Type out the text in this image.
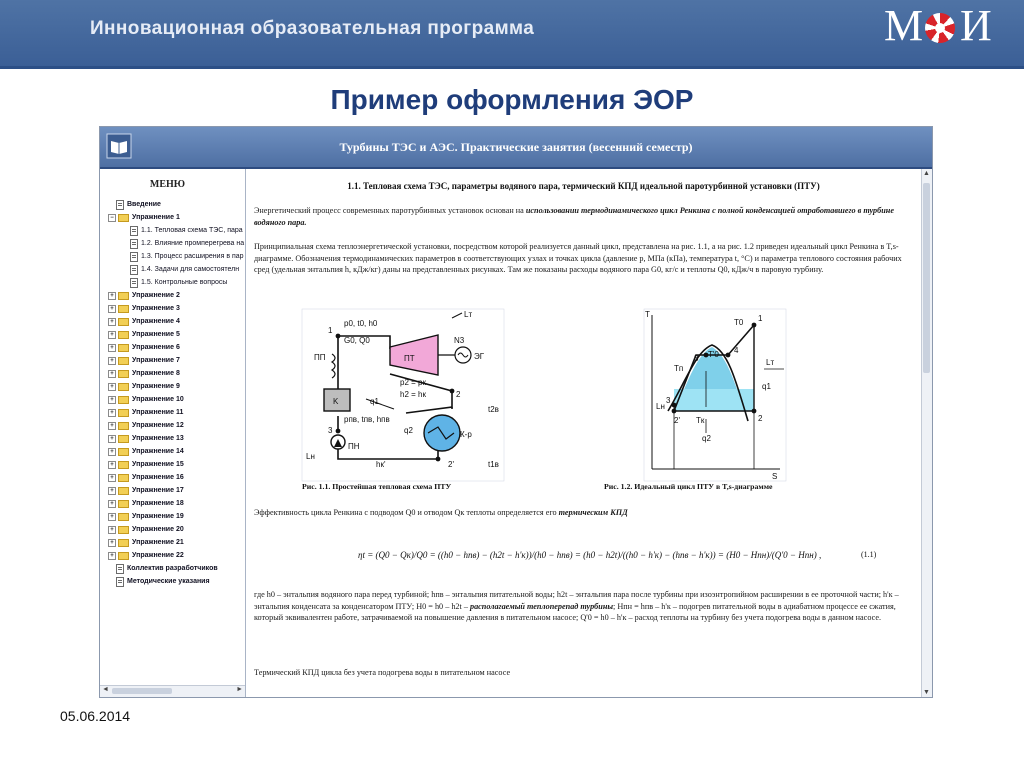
Инновационная образовательная программа	М И
Пример оформления ЭОР
Турбины ТЭС и АЭС. Практические занятия (весенний семестр)
МЕНЮ
Введение
−	Упражнение 1
1.1. Тепловая схема ТЭС, пара
1.2. Влияние промперегрева на
1.3. Процесс расширения в пар
1.4. Задачи для самостоятелн
1.5. Контрольные вопросы
+	Упражнение 2
+	Упражнение 3
+	Упражнение 4
+	Упражнение 5
+	Упражнение 6
+	Упражнение 7
+	Упражнение 8
+	Упражнение 9
+	Упражнение 10
+	Упражнение 11
+	Упражнение 12
+	Упражнение 13
+	Упражнение 14
+	Упражнение 15
+	Упражнение 16
+	Упражнение 17
+	Упражнение 18
+	Упражнение 19
+	Упражнение 20
+	Упражнение 21
+	Упражнение 22
Коллектив разработчиков
Методические указания
◄	►
1.1. Тепловая схема ТЭС, параметры водяного пара, термический КПД идеальной паротурбинной установки (ПТУ)
Энергетический процесс современных паротурбинных установок основан на использовании термодинамического цикл Ренкина с полной конденсацией отработавшего в турбине водяного пара.
Принципиальная схема теплоэнергетической установки, посредством которой реализуется данный цикл, представлена на рис. 1.1, а на рис. 1.2 приведен идеальный цикл Ренкина в T,s-диаграмме. Обозначения термодинамических параметров в соответствующих узлах и точках цикла (давление p, МПа (кПа), температура t, °С) и параметра теплового состояния рабочих сред (удельная энтальпия h, кДж/кг) даны на представленных рисунках. Там же показаны расходы водяного пара G0, кг/с и теплоты Q0, кДж/ч в паровую турбину.
1
p0, t0, h0
G0, Q0
ПП	ПТ
Lт
N3
ЭГ
p2 = pк
h2 = hк	2
K	q1
pпв, tпв, hпв
3	q2	К-р
t2в
ПН
Lн
hк'	2'	t1в
Рис. 1.1. Простейшая тепловая схема ПТУ
T
S
T0 1
4
3' T'0
Tп
Lт
3
Lн
Tк
2'	2
q2
q1
Рис. 1.2. Идеальный цикл ПТУ в T,s-диаграмме
Эффективность цикла Ренкина с подводом Q0 и отводом Qк теплоты определяется его термическим КПД
ηt = (Q0 − Qк)/Q0 = ((h0 − hпв) − (h2t − h'к))/(h0 − hпв) = (h0 − h2t)/((h0 − h'к) − (hпв − h'к)) = (H0 − Hпн)/(Q'0 − Hпн) ,	(1.1)
где h0 – энтальпия водяного пара перед турбиной; hпв – энтальпия питательной воды; h2t – энтальпия пара после турбины при изоэнтропийном расширении в ее проточной части; h'к – энтальпия конденсата за конденсатором ПТУ; H0 = h0 – h2t – располагаемый теплоперепад турбины; Hпн = hпв – h'к – подогрев питательной воды в адиабатном процессе ее сжатия, который эквивалентен работе, затрачиваемой на повышение давления в питательном насосе; Q'0 = h0 – h'к – расход теплоты на турбину без учета подогрева воды в данном насосе.
Термический КПД цикла без учета подогрева воды в питательном насосе
▲
▼
05.06.2014
